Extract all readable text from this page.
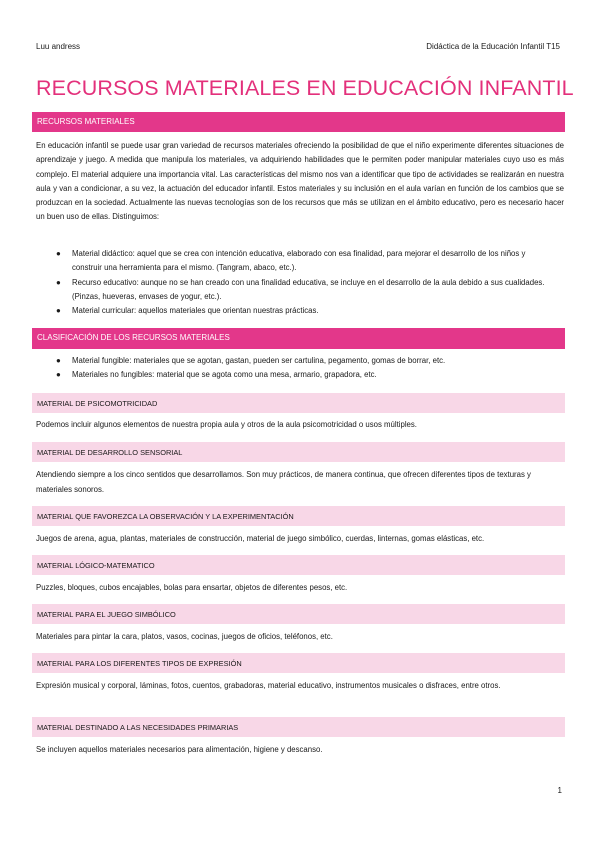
Luu andress	Didáctica de la Educación Infantil T15
RECURSOS MATERIALES EN EDUCACIÓN INFANTIL
RECURSOS MATERIALES
En educación infantil se puede usar gran variedad de recursos materiales ofreciendo la posibilidad de que el niño experimente diferentes situaciones de aprendizaje y juego. A medida que manipula los materiales, va adquiriendo habilidades que le permiten poder manipular materiales cuyo uso es más complejo. El material adquiere una importancia vital. Las características del mismo nos van a identificar que tipo de actividades se realizarán en nuestra aula y van a condicionar, a su vez, la actuación del educador infantil. Estos materiales y su inclusión en el aula varían en función de los cambios que se produzcan en la sociedad. Actualmente las nuevas tecnologías son de los recursos que más se utilizan en el ámbito educativo, pero es necesario hacer un buen uso de ellas. Distinguimos:
● Material didáctico: aquel que se crea con intención educativa, elaborado con esa finalidad, para mejorar el desarrollo de los niños y construir una herramienta para el mismo. (Tangram, abaco, etc.).
● Recurso educativo: aunque no se han creado con una finalidad educativa, se incluye en el desarrollo de la aula debido a sus cualidades. (Pinzas, hueveras, envases de yogur, etc.).
● Material curricular: aquellos materiales que orientan nuestras prácticas.
CLASIFICACIÓN DE LOS RECURSOS MATERIALES
● Material fungible: materiales que se agotan, gastan, pueden ser cartulina, pegamento, gomas de borrar, etc.
● Materiales no fungibles: material que se agota como una mesa, armario, grapadora, etc.
MATERIAL DE PSICOMOTRICIDAD
Podemos incluir algunos elementos de nuestra propia aula y otros de la aula psicomotricidad o usos múltiples.
MATERIAL DE DESARROLLO SENSORIAL
Atendiendo siempre a los cinco sentidos que desarrollamos. Son muy prácticos, de manera continua, que ofrecen diferentes tipos de texturas y materiales sonoros.
MATERIAL QUE FAVOREZCA LA OBSERVACIÓN Y LA EXPERIMENTACIÓN
Juegos de arena, agua, plantas, materiales de construcción, material de juego simbólico, cuerdas, linternas, gomas elásticas, etc.
MATERIAL LÓGICO-MATEMATICO
Puzzles, bloques, cubos encajables, bolas para ensartar, objetos de diferentes pesos, etc.
MATERIAL PARA EL JUEGO SIMBÓLICO
Materiales para pintar la cara, platos, vasos, cocinas, juegos de oficios, teléfonos, etc.
MATERIAL PARA LOS DIFERENTES TIPOS DE EXPRESIÓN
Expresión musical y corporal, láminas, fotos, cuentos, grabadoras, material educativo, instrumentos musicales o disfraces, entre otros.
MATERIAL DESTINADO A LAS NECESIDADES PRIMARIAS
Se incluyen aquellos materiales necesarios para alimentación, higiene y descanso.
1
